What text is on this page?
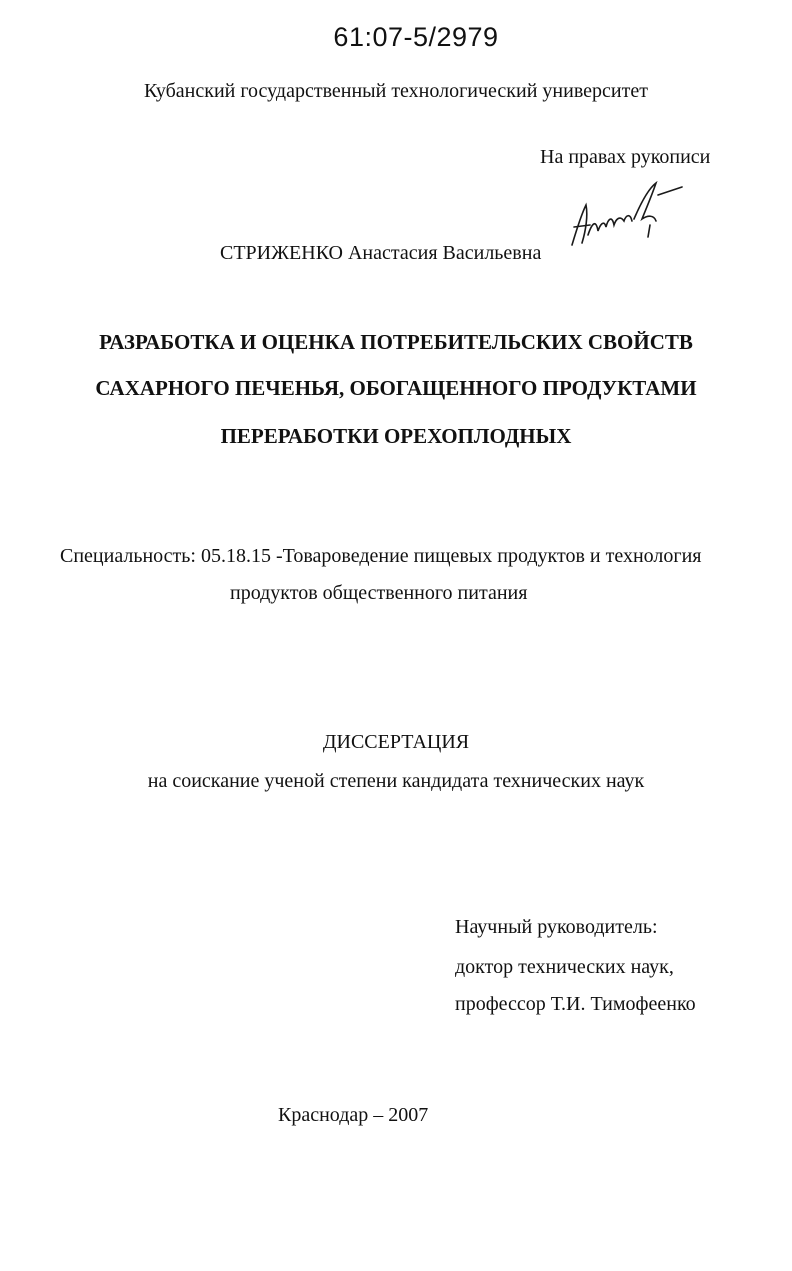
61:07-5/2979
Кубанский государственный технологический университет
На правах рукописи
СТРИЖЕНКО Анастасия Васильевна
РАЗРАБОТКА И ОЦЕНКА ПОТРЕБИТЕЛЬСКИХ СВОЙСТВ
САХАРНОГО ПЕЧЕНЬЯ, ОБОГАЩЕННОГО ПРОДУКТАМИ
ПЕРЕРАБОТКИ ОРЕХОПЛОДНЫХ
Специальность: 05.18.15 -Товароведение пищевых продуктов и технология
продуктов общественного питания
ДИССЕРТАЦИЯ
на соискание ученой степени кандидата технических наук
Научный руководитель:
доктор технических наук,
профессор Т.И. Тимофеенко
Краснодар – 2007
